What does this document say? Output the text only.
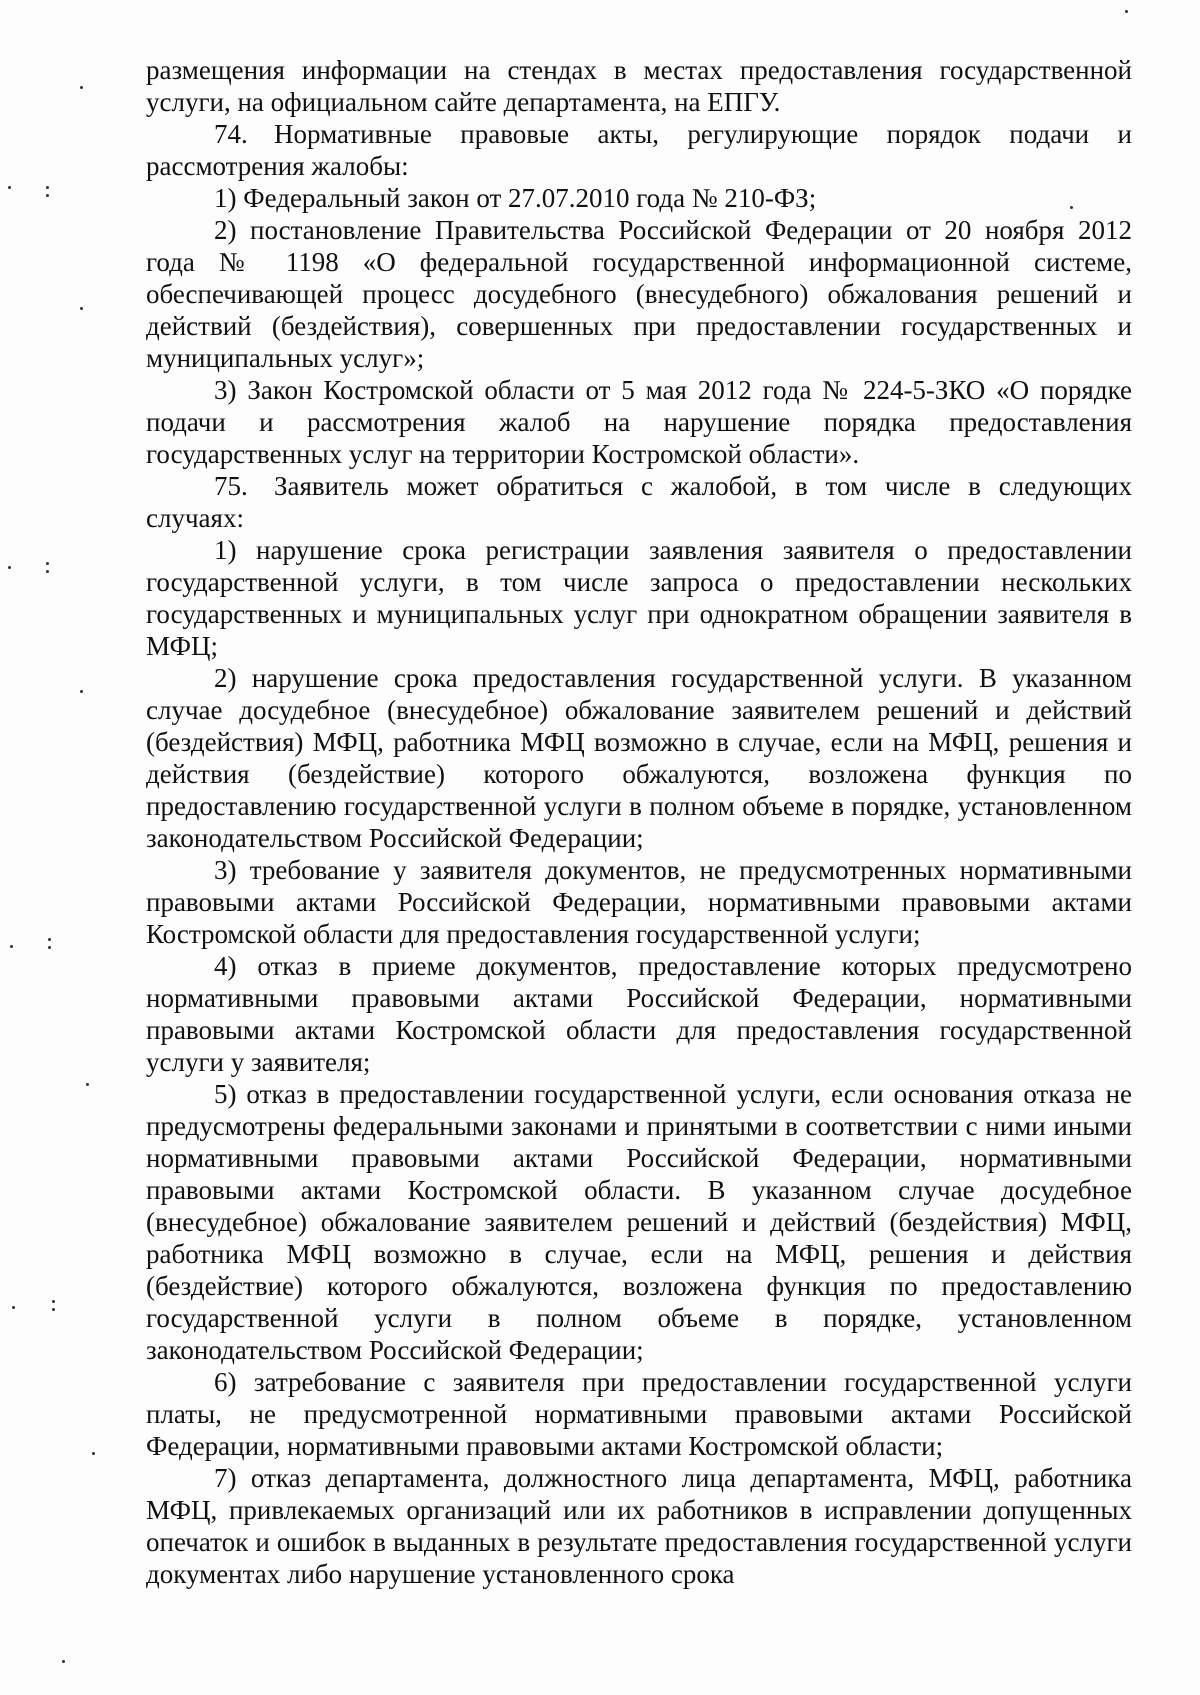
размещения информации на стендах в местах предоставления государственной услуги, на официальном сайте департамента, на ЕПГУ.

74. Нормативные правовые акты, регулирующие порядок подачи и рассмотрения жалобы:

1) Федеральный закон от 27.07.2010 года № 210-ФЗ;

2) постановление Правительства Российской Федерации от 20 ноября 2012 года № 1198 «О федеральной государственной информационной системе, обеспечивающей процесс досудебного (внесудебного) обжалования решений и действий (бездействия), совершенных при предоставлении государственных и муниципальных услуг»;

3) Закон Костромской области от 5 мая 2012 года № 224-5-ЗКО «О порядке подачи и рассмотрения жалоб на нарушение порядка предоставления государственных услуг на территории Костромской области».

75. Заявитель может обратиться с жалобой, в том числе в следующих случаях:

1) нарушение срока регистрации заявления заявителя о предоставлении государственной услуги, в том числе запроса о предоставлении нескольких государственных и муниципальных услуг при однократном обращении заявителя в МФЦ;

2) нарушение срока предоставления государственной услуги. В указанном случае досудебное (внесудебное) обжалование заявителем решений и действий (бездействия) МФЦ, работника МФЦ возможно в случае, если на МФЦ, решения и действия (бездействие) которого обжалуются, возложена функция по предоставлению государственной услуги в полном объеме в порядке, установленном законодательством Российской Федерации;

3) требование у заявителя документов, не предусмотренных нормативными правовыми актами Российской Федерации, нормативными правовыми актами Костромской области для предоставления государственной услуги;

4) отказ в приеме документов, предоставление которых предусмотрено нормативными правовыми актами Российской Федерации, нормативными правовыми актами Костромской области для предоставления государственной услуги у заявителя;

5) отказ в предоставлении государственной услуги, если основания отказа не предусмотрены федеральными законами и принятыми в соответствии с ними иными нормативными правовыми актами Российской Федерации, нормативными правовыми актами Костромской области. В указанном случае досудебное (внесудебное) обжалование заявителем решений и действий (бездействия) МФЦ, работника МФЦ возможно в случае, если на МФЦ, решения и действия (бездействие) которого обжалуются, возложена функция по предоставлению государственной услуги в полном объеме в порядке, установленном законодательством Российской Федерации;

6) затребование с заявителя при предоставлении государственной услуги платы, не предусмотренной нормативными правовыми актами Российской Федерации, нормативными правовыми актами Костромской области;

7) отказ департамента, должностного лица департамента, МФЦ, работника МФЦ, привлекаемых организаций или их работников в исправлении допущенных опечаток и ошибок в выданных в результате предоставления государственной услуги документах либо нарушение установленного срока
